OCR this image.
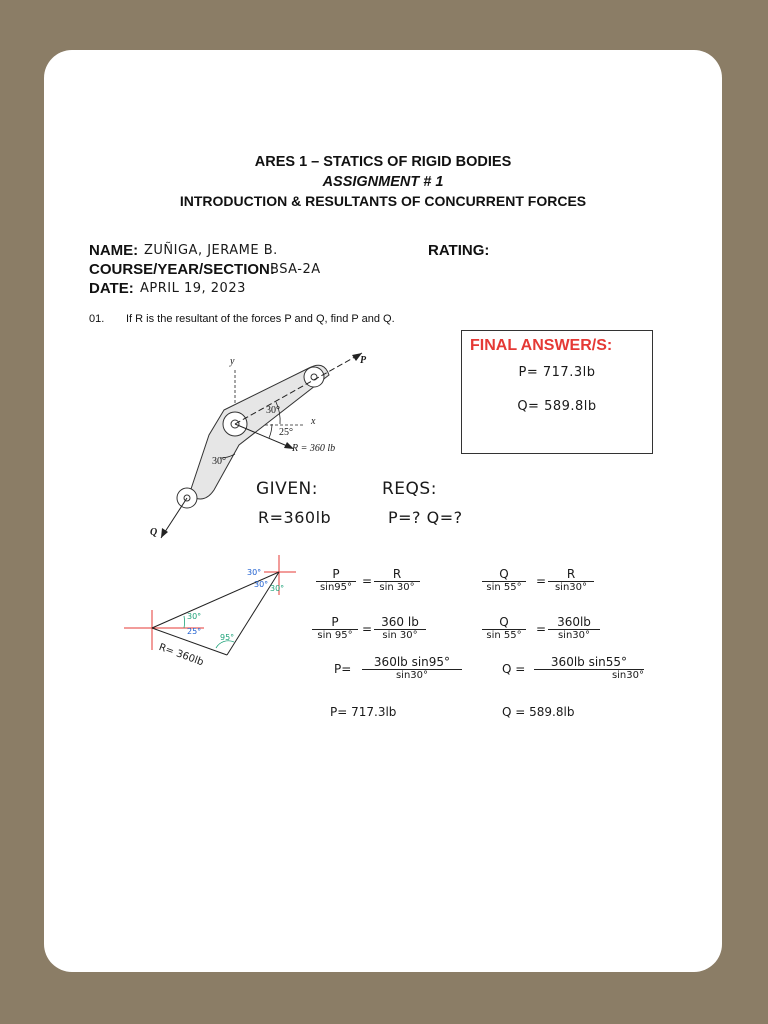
ARES 1 – STATICS OF RIGID BODIES
ASSIGNMENT # 1
INTRODUCTION & RESULTANTS OF CONCURRENT FORCES
NAME: ZUÑIGA, JERAME B.	RATING:
COURSE/YEAR/SECTION:
BSA-2A
DATE: APRIL 19, 2023
01. If R is the resultant of the forces P and Q, find P and Q.
FINAL ANSWER/S:
P= 717.3lb
Q= 589.8lb
y
x
P
Q
30°
25°
30°
R = 360 lb
GIVEN:
R=360lb
REQS:
P=? Q=?
30°
30° 30°
30°
25°
95°
R= 360lb
P
sin95° =	R
sin 30°
P
sin 95° = 360 lb
sin 30°
P=	360lb sin95°
sin30°
P= 717.3lb
Q
sin 55°	=	R
sin30°
Q
sin 55°	= 360lb
sin30°
Q =	360lb sin55°
sin30°
Q = 589.8lb
